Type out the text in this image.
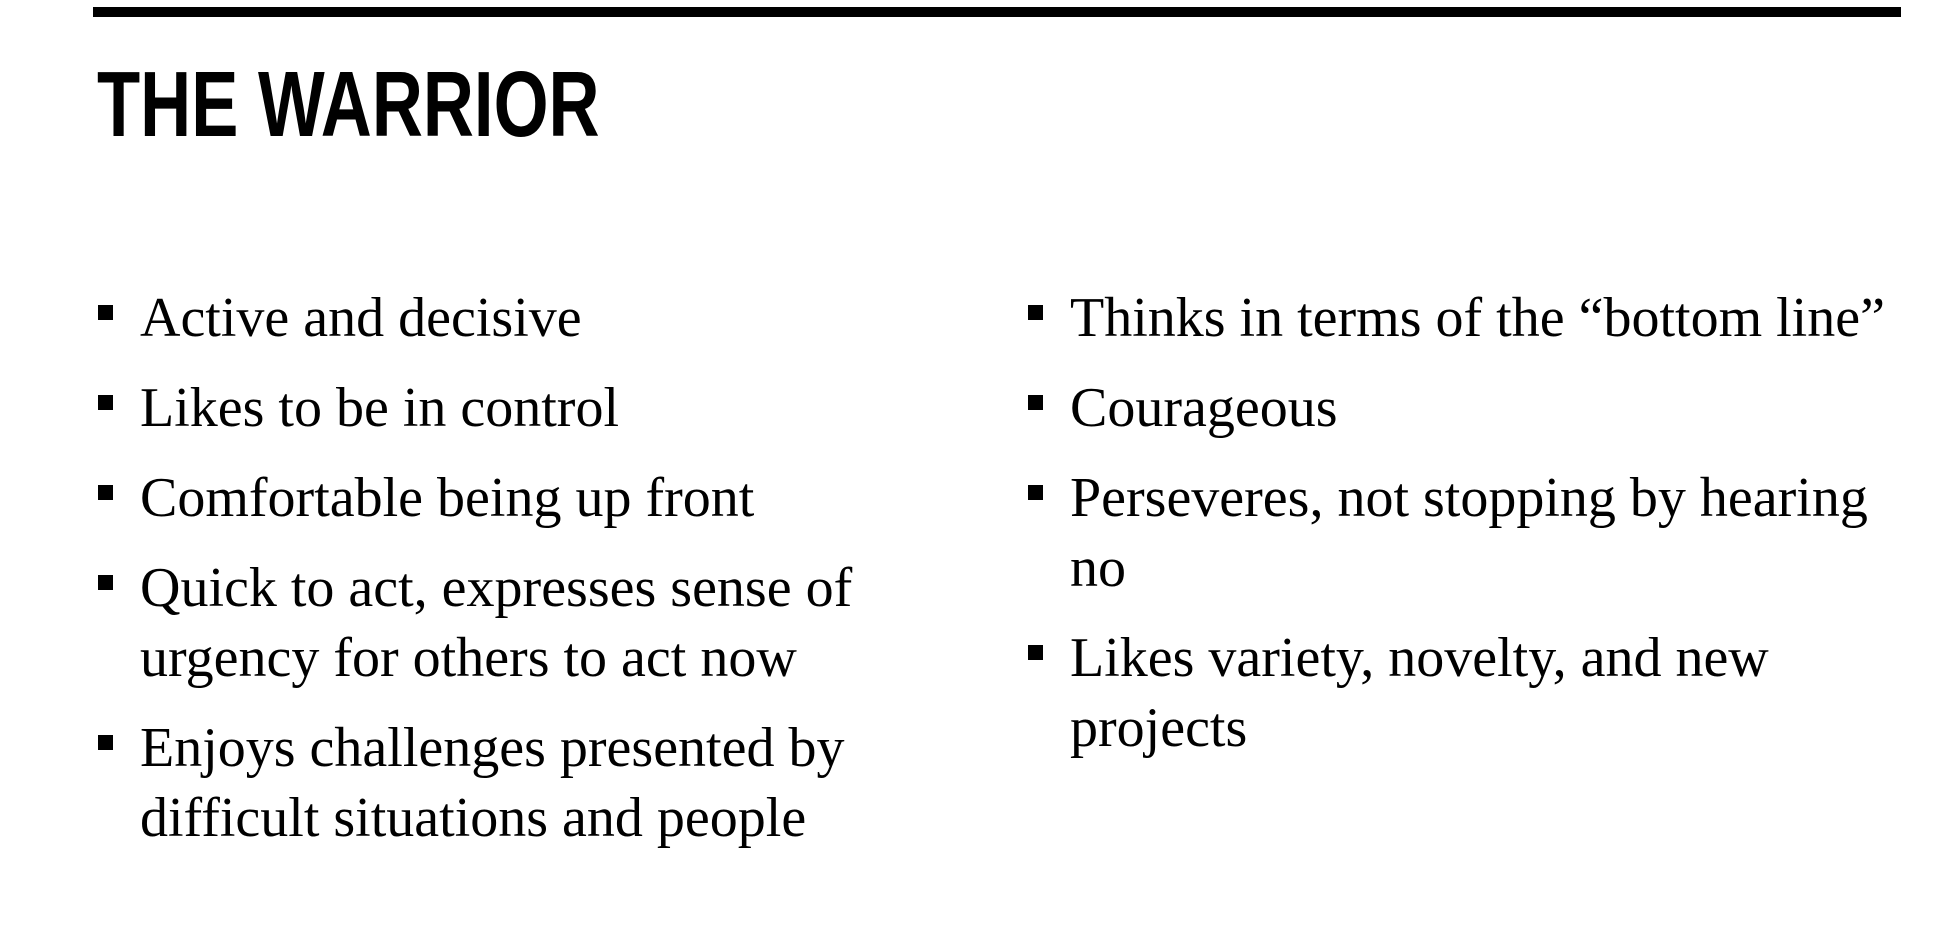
THE WARRIOR
Active and decisive
Likes to be in control
Comfortable being up front
Quick to act, expresses sense of urgency for others to act now
Enjoys challenges presented by difficult situations and people
Thinks in terms of the “bottom line”
Courageous
Perseveres, not stopping by hearing no
Likes variety, novelty, and new projects
